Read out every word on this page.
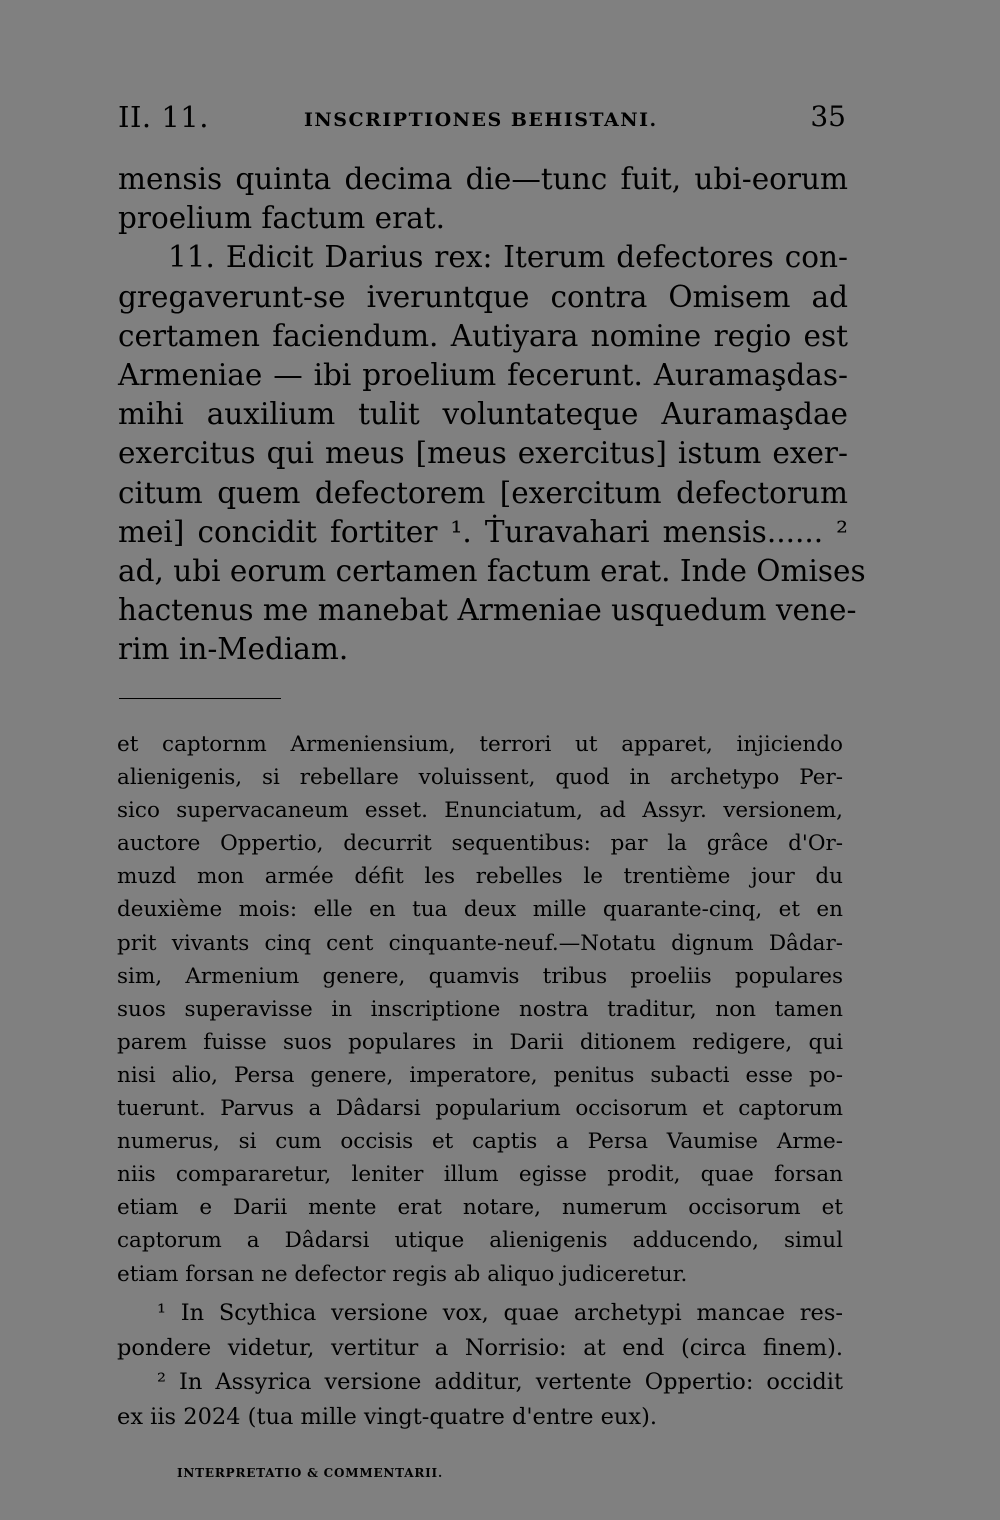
II. 11.	INSCRIPTIONES BEHISTANI.	35
mensis quinta decima die—tunc fuit, ubi-eorum
proelium factum erat.
11. Edicit Darius rex: Iterum defectores con-
gregaverunt-se iveruntque contra Omisem ad
certamen faciendum. Autiyara nomine regio est
Armeniae — ibi proelium fecerunt. Auramaşdas-
mihi auxilium tulit voluntateque Auramaşdae
exercitus qui meus [meus exercitus] istum exer-
citum quem defectorem [exercitum defectorum
mei] concidit fortiter ¹. Ṫuravahari mensis...... ²
ad, ubi eorum certamen factum erat. Inde Omises
hactenus me manebat Armeniae usquedum vene-
rim in-Mediam.
et captornm Armeniensium, terrori ut apparet, injiciendo
alienigenis, si rebellare voluissent, quod in archetypo Per-
sico supervacaneum esset. Enunciatum, ad Assyr. versionem,
auctore Oppertio, decurrit sequentibus: par la grâce d'Or-
muzd mon armée défit les rebelles le trentième jour du
deuxième mois: elle en tua deux mille quarante-cinq, et en
prit vivants cinq cent cinquante-neuf.—Notatu dignum Dâdar-
sim, Armenium genere, quamvis tribus proeliis populares
suos superavisse in inscriptione nostra traditur, non tamen
parem fuisse suos populares in Darii ditionem redigere, qui
nisi alio, Persa genere, imperatore, penitus subacti esse po-
tuerunt. Parvus a Dâdarsi popularium occisorum et captorum
numerus, si cum occisis et captis a Persa Vaumise Arme-
niis compararetur, leniter illum egisse prodit, quae forsan
etiam e Darii mente erat notare, numerum occisorum et
captorum a Dâdarsi utique alienigenis adducendo, simul
etiam forsan ne defector regis ab aliquo judiceretur.
¹ In Scythica versione vox, quae archetypi mancae res-
pondere videtur, vertitur a Norrisio: at end (circa finem).
² In Assyrica versione additur, vertente Oppertio: occidit
ex iis 2024 (tua mille vingt-quatre d'entre eux).
INTERPRETATIO & COMMENTARII.
